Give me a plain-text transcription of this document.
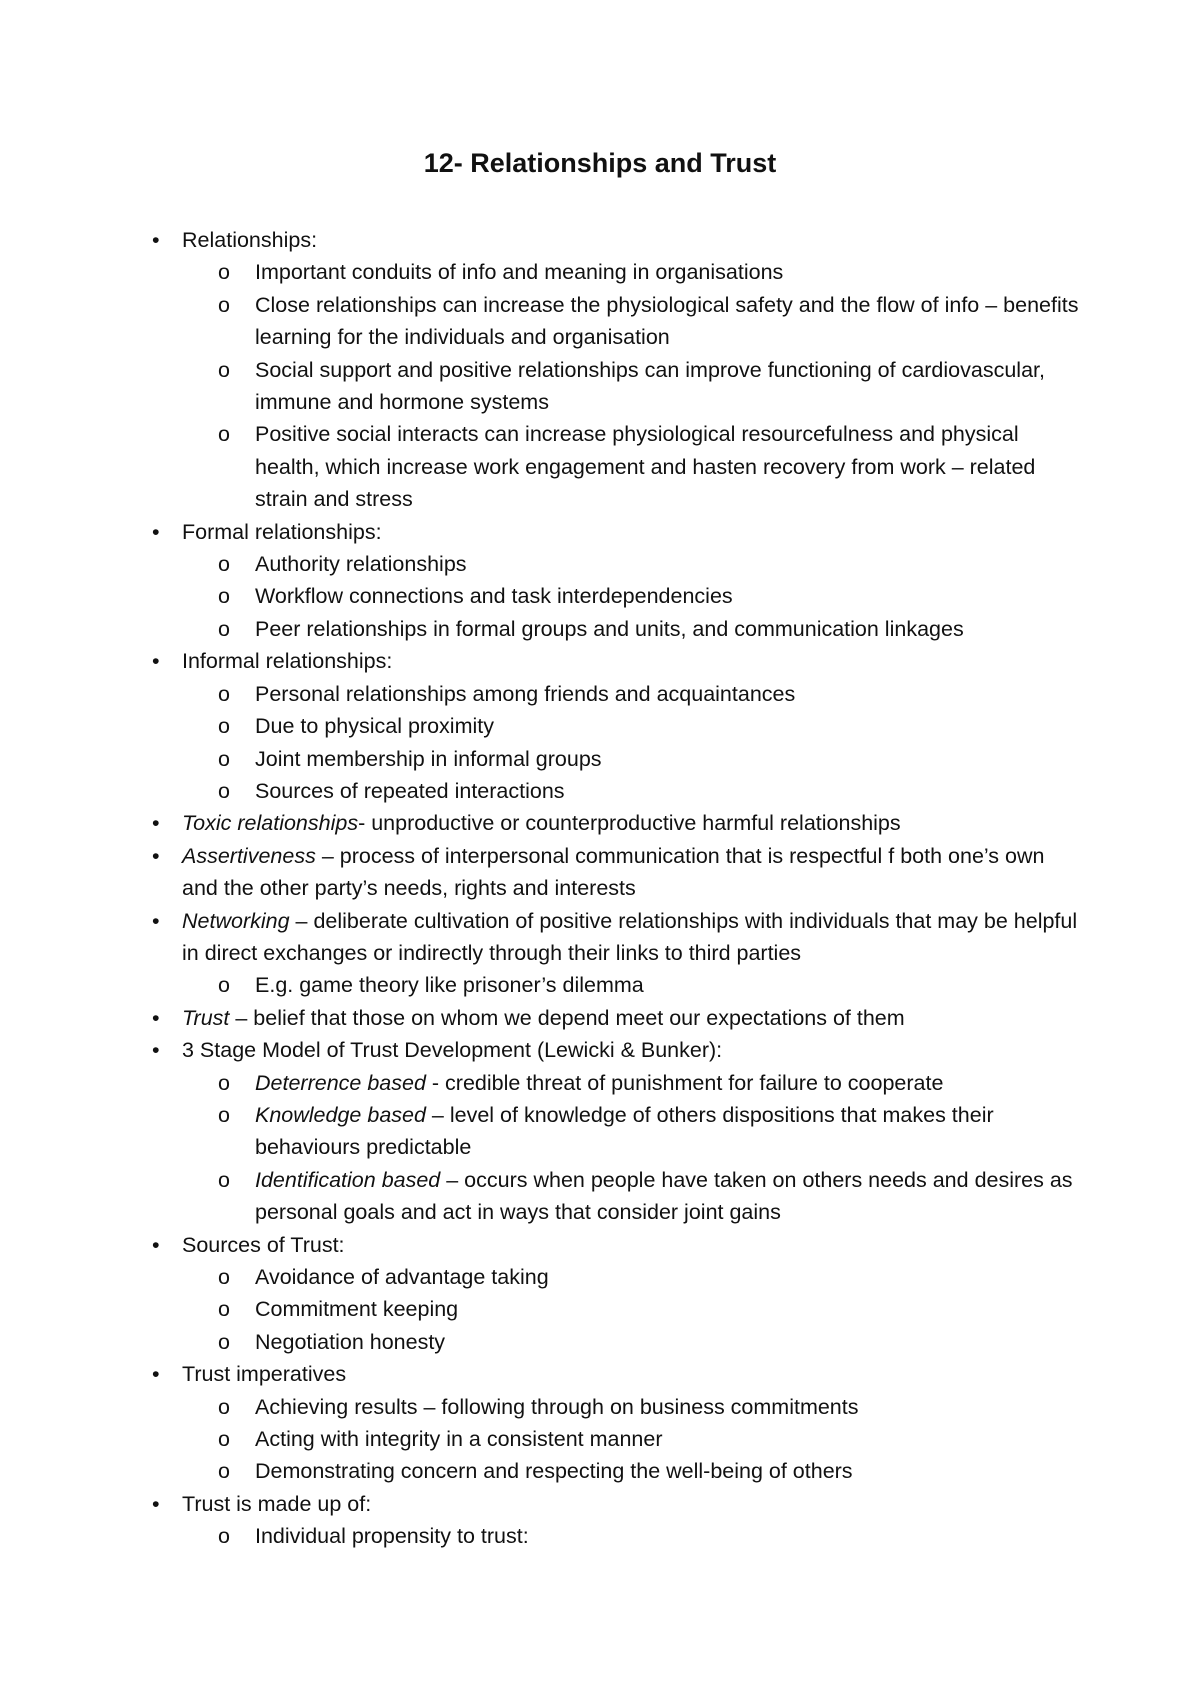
12- Relationships and Trust

• Relationships:

o Important conduits of info and meaning in organisations

o Close relationships can increase the physiological safety and the flow of info – benefits learning for the individuals and organisation

o Social support and positive relationships can improve functioning of cardiovascular, immune and hormone systems

o Positive social interacts can increase physiological resourcefulness and physical health, which increase work engagement and hasten recovery from work – related strain and stress

• Formal relationships:

o Authority relationships

o Workflow connections and task interdependencies

o Peer relationships in formal groups and units, and communication linkages

• Informal relationships:

o Personal relationships among friends and acquaintances

o Due to physical proximity

o Joint membership in informal groups

o Sources of repeated interactions

• Toxic relationships- unproductive or counterproductive harmful relationships

• Assertiveness – process of interpersonal communication that is respectful f both one’s own and the other party’s needs, rights and interests

• Networking – deliberate cultivation of positive relationships with individuals that may be helpful in direct exchanges or indirectly through their links to third parties

o E.g. game theory like prisoner’s dilemma

• Trust – belief that those on whom we depend meet our expectations of them

• 3 Stage Model of Trust Development (Lewicki & Bunker):

o Deterrence based - credible threat of punishment for failure to cooperate

o Knowledge based – level of knowledge of others dispositions that makes their behaviours predictable

o Identification based – occurs when people have taken on others needs and desires as personal goals and act in ways that consider joint gains

• Sources of Trust:

o Avoidance of advantage taking

o Commitment keeping

o Negotiation honesty

• Trust imperatives

o Achieving results – following through on business commitments

o Acting with integrity in a consistent manner

o Demonstrating concern and respecting the well-being of others

• Trust is made up of:

o Individual propensity to trust:
